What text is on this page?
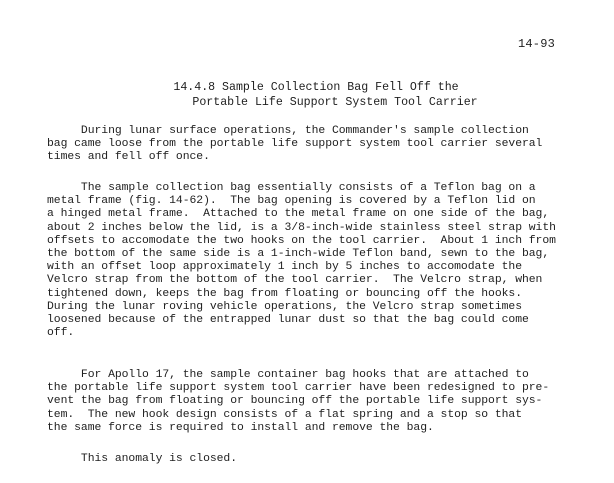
14-93
14.4.8 Sample Collection Bag Fell Off the
Portable Life Support System Tool Carrier
During lunar surface operations, the Commander's sample collection
bag came loose from the portable life support system tool carrier several
times and fell off once.
The sample collection bag essentially consists of a Teflon bag on a
metal frame (fig. 14-62).  The bag opening is covered by a Teflon lid on
a hinged metal frame.  Attached to the metal frame on one side of the bag,
about 2 inches below the lid, is a 3/8-inch-wide stainless steel strap with
offsets to accomodate the two hooks on the tool carrier.  About 1 inch from
the bottom of the same side is a 1-inch-wide Teflon band, sewn to the bag,
with an offset loop approximately 1 inch by 5 inches to accomodate the
Velcro strap from the bottom of the tool carrier.  The Velcro strap, when
tightened down, keeps the bag from floating or bouncing off the hooks.
During the lunar roving vehicle operations, the Velcro strap sometimes
loosened because of the entrapped lunar dust so that the bag could come
off.
For Apollo 17, the sample container bag hooks that are attached to
the portable life support system tool carrier have been redesigned to pre-
vent the bag from floating or bouncing off the portable life support sys-
tem.  The new hook design consists of a flat spring and a stop so that
the same force is required to install and remove the bag.
This anomaly is closed.
